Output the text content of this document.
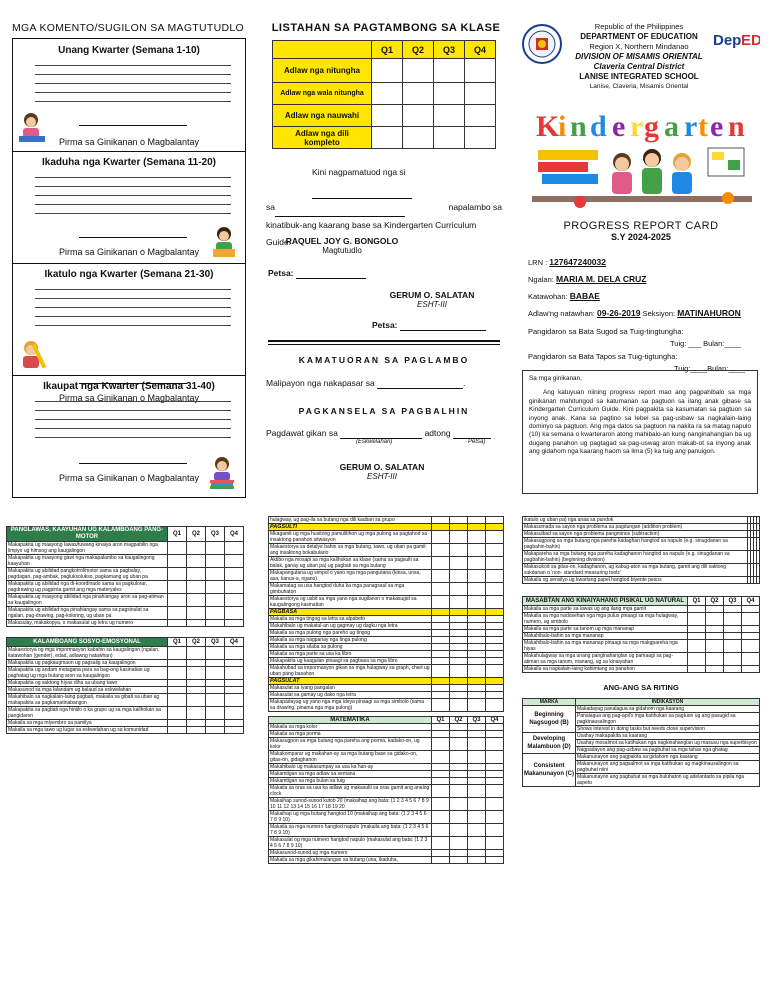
MGA KOMENTO/SUGILON SA MAGTUTUDLO
Unang Kwarter (Semana 1-10)
Pirma sa Ginikanan o Magbalantay
Ikaduha nga Kwarter (Semana 11-20)
Pirma sa Ginikanan o Magbalantay
Ikatulo nga Kwarter (Semana 21-30)
Pirma sa Ginikanan o Magbalantay
Ikaupat nga Kwarter (Semana 31-40)
Pirma sa Ginikanan o Magbalantay
LISTAHAN SA PAGTAMBONG SA KLASE
	Q1	Q2	Q3	Q4
Adlaw nga nitungha				
Adlaw nga wala nitungha				
Adlaw nga nauwahi				
Adlaw nga dili kompleto				
Kini nagpamatuod nga si
sa	napalambo sa
kinatibuk-ang kaarang base sa Kindergarten Curriculum Guide.
RAQUEL JOY G. BONGOLO
Magtutudlo
Petsa:
GERUM O. SALATAN
ESHT-III
Petsa:
KAMATUORAN SA PAGLAMBO
Malipayon nga nakapasar sa	.
PAGKANSELA SA PAGBALHIN
Pagdawat gikan sa	adtong
(Eskwelahan)	Petsa)
GERUM O. SALATAN
ESHT-III
Republic of the Philippines
DEPARTMENT OF EDUCATION
Region X, Northern Mindanao
DIVISION OF MISAMIS ORIENTAL
Claveria Central District
LANISE INTEGRATED SCHOOL
Lanise, Claveria, Misamis Oriental
Dep ED
K
i n d e r g a r t e n
PROGRESS REPORT CARD
S.Y 2024-2025
LRN : 127647240032
Ngalan: MARIA M. DELA CRUZ
Katawohan: BABAE
Adlaw'ng natawhan: 09-26-2019 Seksiyon: MATINAHURON
Pangidaron sa Bata Sugod sa Tuig-tingtungha:
Tuig: ___ Bulan:____
Pangidaron sa Bata Tapos sa Tuig-tigtungha:
Tuig:____Bulan:____
Sa mga ginikanan,
Ang katuyuan niining progress report mao ang pagpahibalo sa mga ginikanan mahitungod sa katumanan sa pagtuon sa ilang anak gibase sa Kindergarten Curriculum Guide. Kini pagpakita sa kasumatan sa pagtuon sa inyong anak. Kana sa pagtino sa lebel sa pag-usbaw sa nagkalain-laing dominyo sa pagtuon. Ang mga datos sa pagtuon na nakita ra sa matag napulo (10) ka semana o kwarteraron atong mahibalo-an kung nanginahanglan ba ug dugang panahon ug pagtagad sa pag-uswag aron makab-ot sa inyong anak ang gidahom nga kaarang haom sa lima (5) ka tuig ang panuigon.
PANGLAWAS, KAAYUHAN UG KALAMBOANG PANG-MOTOR	Q1	Q2	Q3	Q4
Makapakita ug maayong lawas/tuwang kinaiya aron magpabilin nga limpyo ug himsog ang kaugalingon				
Makapakita ug maayong gawi nga makapalambo sa kaugalingong kaayuhan				
Makapakita ug abilidad pangkotrol/motor sama sa pagbalay, pagdagan, pag-ambak, pagluksolukso, pagkamang ug uban pa				
Makapakita ug abilidad nga di-koordinado sama sa pagkulorar, pagdrawing ug pagpinta gamit ang mga materyales				
Makapakita ug maayong abilidad nga pinahiangay aron sa pag-atiman sa kaugalingon				
Makapakita ug abilidad nga pinahiangay sama sa pagsinulat sa ngalan, pag-drawing, pag-koloring, ug uban pa				
Makasulay, makakopya, o makasulat ug letra ug numero				
KALAMBOANG SOSYO-EMOSYONAL	Q1	Q2	Q3	Q4
Makaestorya og mga impormasyon kabahin sa kaugalingon (ngalan, katawohan (gender), edad, adlawng natawhan)				
Makapakita ug pagkaugmaon ug pagsalig sa kaugalingon				
Makapakita ug andam motagana para sa bag-ong kasinatian ug paghatag ug mga butang aron sa kaugalingon				
Makapakita og saktong hiyas diha sa ubang tawo				
Makasunod sa mga lalandam ug balaud sa eskwelahan				
Makahibalo sa nagkalain-laing pagbati, makaila sa gibati sa uban ug makapakita sa pagkamatinabangon				
Makapakita sa pagbati nga hiniilo o ka grupo ug sa mga kalihokan sa pangidaron				
Makaila sa mga miyembro sa pamilya				
Makaila sa mga tawo ug lugar sa eskwelahan ug sa komunidad				
hulagway, ug pag-ila sa butang nga dili kauban sa grupo				
PAGSULTI				
Mkagamit ug mga husitong pamulitihon ug mga pulong sa pagtahod sa insaktong panahon sitwasyon				
Makaestorya sa detalye bahin sa mga butang, tawo, ug uban pa gamit ang insaktong bokabulario				
Aktibo nga mosapi sa mga kalihokan sa klase (sama sa pagsulti sa balak, ganay ug uban pa) ug pagbati sa mga butang				
Makapangutana ug simpol o yano nga mga pangutana (kinsa, unsa, asa, kanus-a, ngano)				
Makamatag sa usa hangtod duha ka mga panagsaul sa mga gimbuhaton				
Makaestorya og usbit sa mga yano nga sugilanon o makasugid sa kaugalingong kasinatian				
PAGBASA				
Makaila sa mga tingog sa letra sa alpabeto				
Makahibalo ug makatul-an ug gagmay ug dagku nga letra				
Makaila sa mga pulong nga pareho ug tingog				
Makaila sa mga nagpariay nga tinga pulong				
Makaila sa mga silaba sa pulong				
Makaila sa mga parte sa usa ka libro				
Makapakita ug kaagulan pinaagi sa pagbasa sa mga libro				
Makahubad sa impormasyon gikan sa mga hulagway sa graph, chart ug uban pang basahon				
PAGSULAT				
Makasulat sa iyang pangalan				
Makasulat sa gamay ug dako nga letra				
Makapadayag ug yano nga mga ideya pinaagi sa mga simbolo (sama sa drawing, pinama nga mga pulong)				
MATEMATIKA	Q1	Q2	Q3	Q4
Makaila sa mga kolor				
Makaila sa mga porma				
Makasugpon sa mga butang nga pareha ang porma, kadako-on, ug kolor				
Makakomparar ug makahan-ay sa mga butang base sa gidako-on, gitas-on, gidaghanon				
Makahibalo ug makasumpay sa usa ka han-ay				
Makamtigan sa mga adlaw sa semana				
Makamtigan sa mga bulan sa tuig				
Makaila sa oras sa usa ka adlaw ug makasulti sa oras gamit ang analog clock				
Makaihap sunod-sunod kutob 20 (makaihap ang bata: (1 2 3 4 5 6 7 8 9 10 11 12 13 14 15 16 17 18 19 20				
Makaihap ug mga butang hangtod 10 (makaihap ang bata: (1 2 3 4 5 6 7 8 9 10)				
Makaila sa mga numero hangtod napulo (makaila ang bata: (1 2 3 4 5 6 7 8 9 10)				
Makasulat og mga numero hangtod napulo (makasulat ang bata: (1 2 3 4 5 6 7 8 9 10)				
Makasunod-sunod ug mga numero				
Makaila sa mga gikahimulangan sa butang (una, ikaduha,				
ikatulo ug uban pa) nga anaa sa pundok				
Makasumada sa sayon nga problema sa pagdungan (addition problem)				
Makasulbad sa sayon nga problema pangminos (subtraction)				
Makasugpong sa mga butang nga pareha kadaghan hangtod sa napulo (e.g. sinugdanan sa pagbahin-bahin)				
Makapareha sa mga butang nga pareha kadaghanon hangtod sa napulo (e.g. sinugdanan sa pagbahin-bahin) (beginning division)				
Makasukod sa gitas-on, kadaghanon, ug kabug-aton sa mga butang, gamit ang dili saktong sukdanan o 'non- standard measuring tools'				
Makaila og sensilyo ug kwartang papel hangtod biyente pesos				
MASABTAN ANG KINAIYAHANG PISIKAL UG NATURAL	Q1	Q2	Q3	Q4
Makaila sa mga parte sa lawas ug ang ilang mga gamit				
Makaila sa mga nadosehan nga mga pulus pinaagi sa mga hulagway, numero, ug simbolo				
Makaila sa mga parte sa tanom ug mga mananap				
Makahibalo-bahin sa mga mananap				
Makahibalo-bahin sa mga mananap pinaagi sa mga makgpareha nga hiyas				
Makahulagway sa mga unang panginahanglan ug pamaagi sa pag-atiman sa mga tanom, manang, ug sa kinaiyahan				
Makaila sa nagkalain-laing kahimtang sa panahon				
ANG-ANG SA RITING
MARKA	INDIKASYON
Beginning Nagsugod (B)	Makadayag panalagua sa gidahom nga kaarang
	Panalagua ang pag-apil's mga katihukan sa pagtuon ug ang pasugid sa pagkinausalingon
	Shows interest in doing tasks but needs close supervision
Developing Malambuon (D)	Usahay makapakita sa kaarang
	Usahay mosalmot sa katihukan nga nagkinahanglan ug masusu nga superbisyon
	Nagpadayon ang pag-usbaw sa pagbuhat sa mga tahas nga ghatag
Consistent Makanunayon (C)	Makanunayon ang pagpakita sa gidahom nga kaarang
	Makanunayon ang pagsalmot sa mga katihukan ug magkinausalingon sa pagbuhat niini
	Makanunayon ang pagbuhat sa mga buluhaton ug adelantado sa pipila nga aspeto
